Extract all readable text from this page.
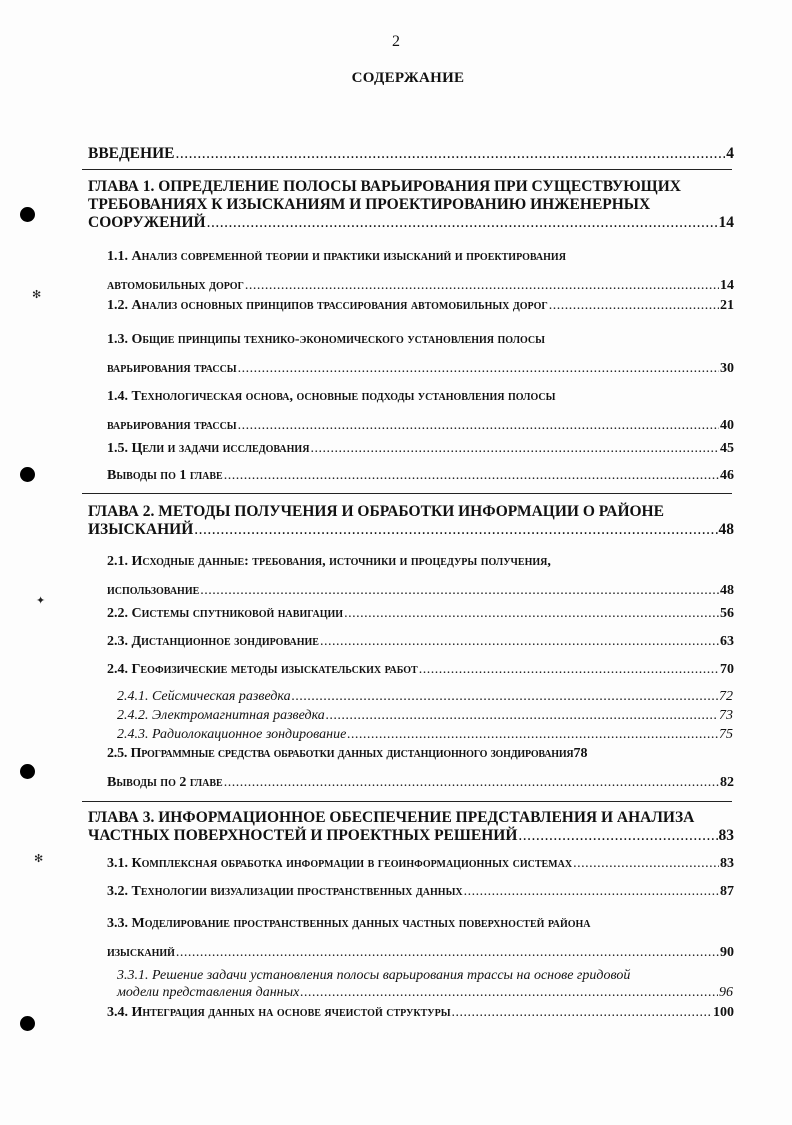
2
СОДЕРЖАНИЕ
✻
✦
✻
ВВЕДЕНИЕ .....	4
ГЛАВА 1. ОПРЕДЕЛЕНИЕ ПОЛОСЫ ВАРЬИРОВАНИЯ ПРИ СУЩЕСТВУЮЩИХ
ТРЕБОВАНИЯХ К ИЗЫСКАНИЯМ И ПРОЕКТИРОВАНИЮ ИНЖЕНЕРНЫХ
СООРУЖЕНИЙ .....	14
1.1. Анализ современной теории и практики изысканий и проектирования
автомобильных дорог .....	14
1.2. Анализ основных принципов трассирования автомобильных дорог .....	21
1.3. Общие принципы технико-экономического установления полосы
варьирования трассы .....	30
1.4. Технологическая основа, основные подходы установления полосы
варьирования трассы .....	40
1.5. Цели и задачи исследования .....	45
Выводы по 1 главе .....	46
ГЛАВА 2. МЕТОДЫ ПОЛУЧЕНИЯ И ОБРАБОТКИ ИНФОРМАЦИИ О РАЙОНЕ
ИЗЫСКАНИЙ .....	48
2.1. Исходные данные: требования, источники и процедуры получения,
использование .....	48
2.2. Системы спутниковой навигации .....	56
2.3. Дистанционное зондирование .....	63
2.4. Геофизические методы изыскательских работ .....	70
2.4.1. Сейсмическая разведка .....	72
2.4.2. Электромагнитная разведка .....	73
2.4.3. Радиолокационное зондирование .....	75
2.5. Программные средства обработки данных дистанционного зондирования 78
Выводы по 2 главе .....	82
ГЛАВА 3. ИНФОРМАЦИОННОЕ ОБЕСПЕЧЕНИЕ ПРЕДСТАВЛЕНИЯ И АНАЛИЗА
ЧАСТНЫХ ПОВЕРХНОСТЕЙ И ПРОЕКТНЫХ РЕШЕНИЙ .....	83
3.1. Комплексная обработка информации в геоинформационных системах .....	83
3.2. Технологии визуализации пространственных данных .....	87
3.3. Моделирование пространственных данных частных поверхностей района
изысканий .....	90
3.3.1. Решение задачи установления полосы варьирования трассы на основе гридовой
модели представления данных .....	96
3.4. Интеграция данных на основе ячеистой структуры .....	100
